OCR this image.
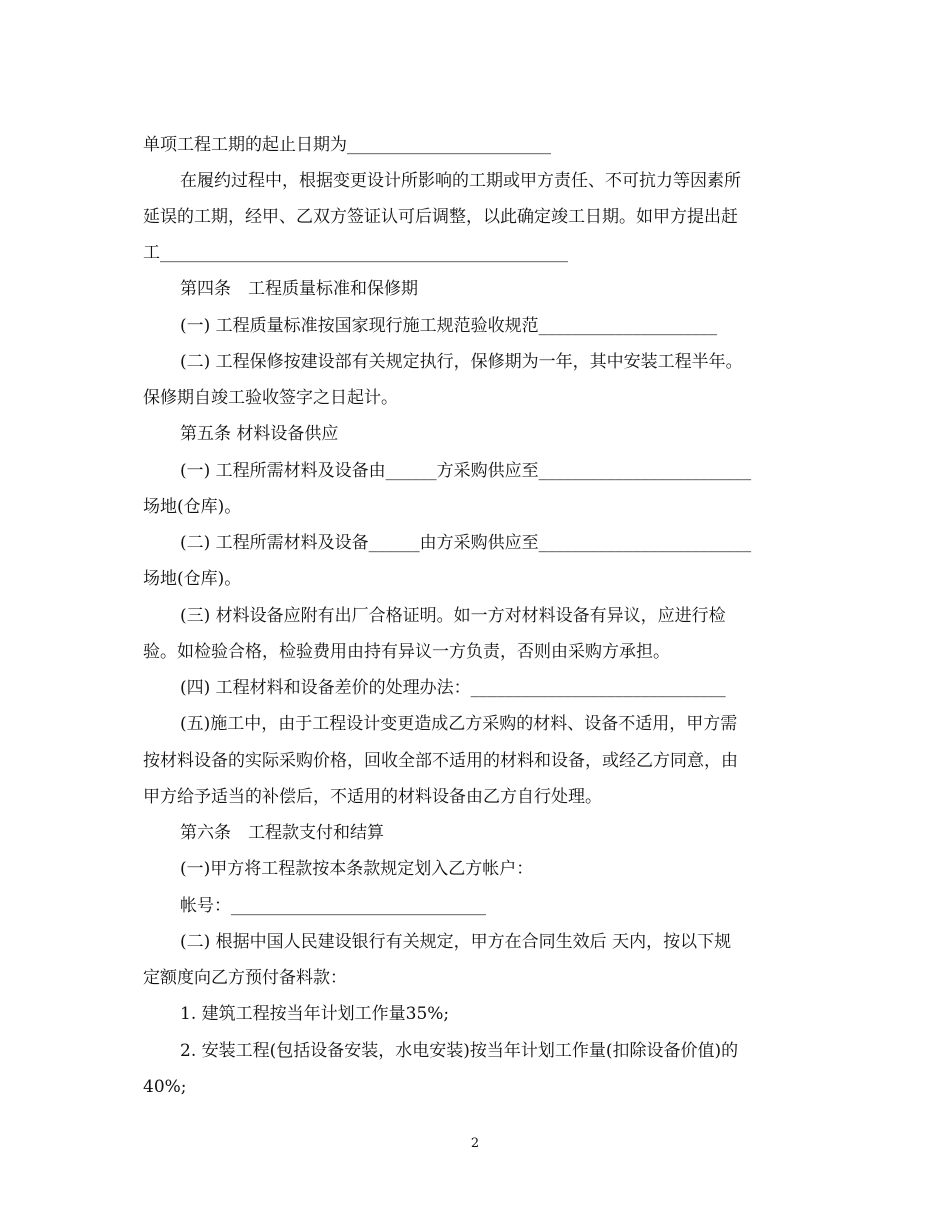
单项工程工期的起止日期为________________________
在履约过程中，根据变更设计所影响的工期或甲方责任、不可抗力等因素所
延误的工期，经甲、乙双方签证认可后调整，以此确定竣工日期。如甲方提出赶
工________________________________________________
第四条　工程质量标准和保修期
(一) 工程质量标准按国家现行施工规范验收规范_____________________
(二) 工程保修按建设部有关规定执行，保修期为一年，其中安装工程半年。
保修期自竣工验收签字之日起计。
第五条 材料设备供应
(一) 工程所需材料及设备由______方采购供应至_________________________
场地(仓库)。
(二) 工程所需材料及设备______由方采购供应至_________________________
场地(仓库)。
(三) 材料设备应附有出厂合格证明。如一方对材料设备有异议，应进行检
验。如检验合格，检验费用由持有异议一方负责，否则由采购方承担。
(四) 工程材料和设备差价的处理办法：______________________________
(五)施工中，由于工程设计变更造成乙方采购的材料、设备不适用，甲方需
按材料设备的实际采购价格，回收全部不适用的材料和设备，或经乙方同意，由
甲方给予适当的补偿后，不适用的材料设备由乙方自行处理。
第六条　工程款支付和结算
(一)甲方将工程款按本条款规定划入乙方帐户：
帐号：______________________________
(二) 根据中国人民建设银行有关规定，甲方在合同生效后 天内，按以下规
定额度向乙方预付备料款：
1. 建筑工程按当年计划工作量35%;
2. 安装工程(包括设备安装，水电安装)按当年计划工作量(扣除设备价值)的
40%;
2
